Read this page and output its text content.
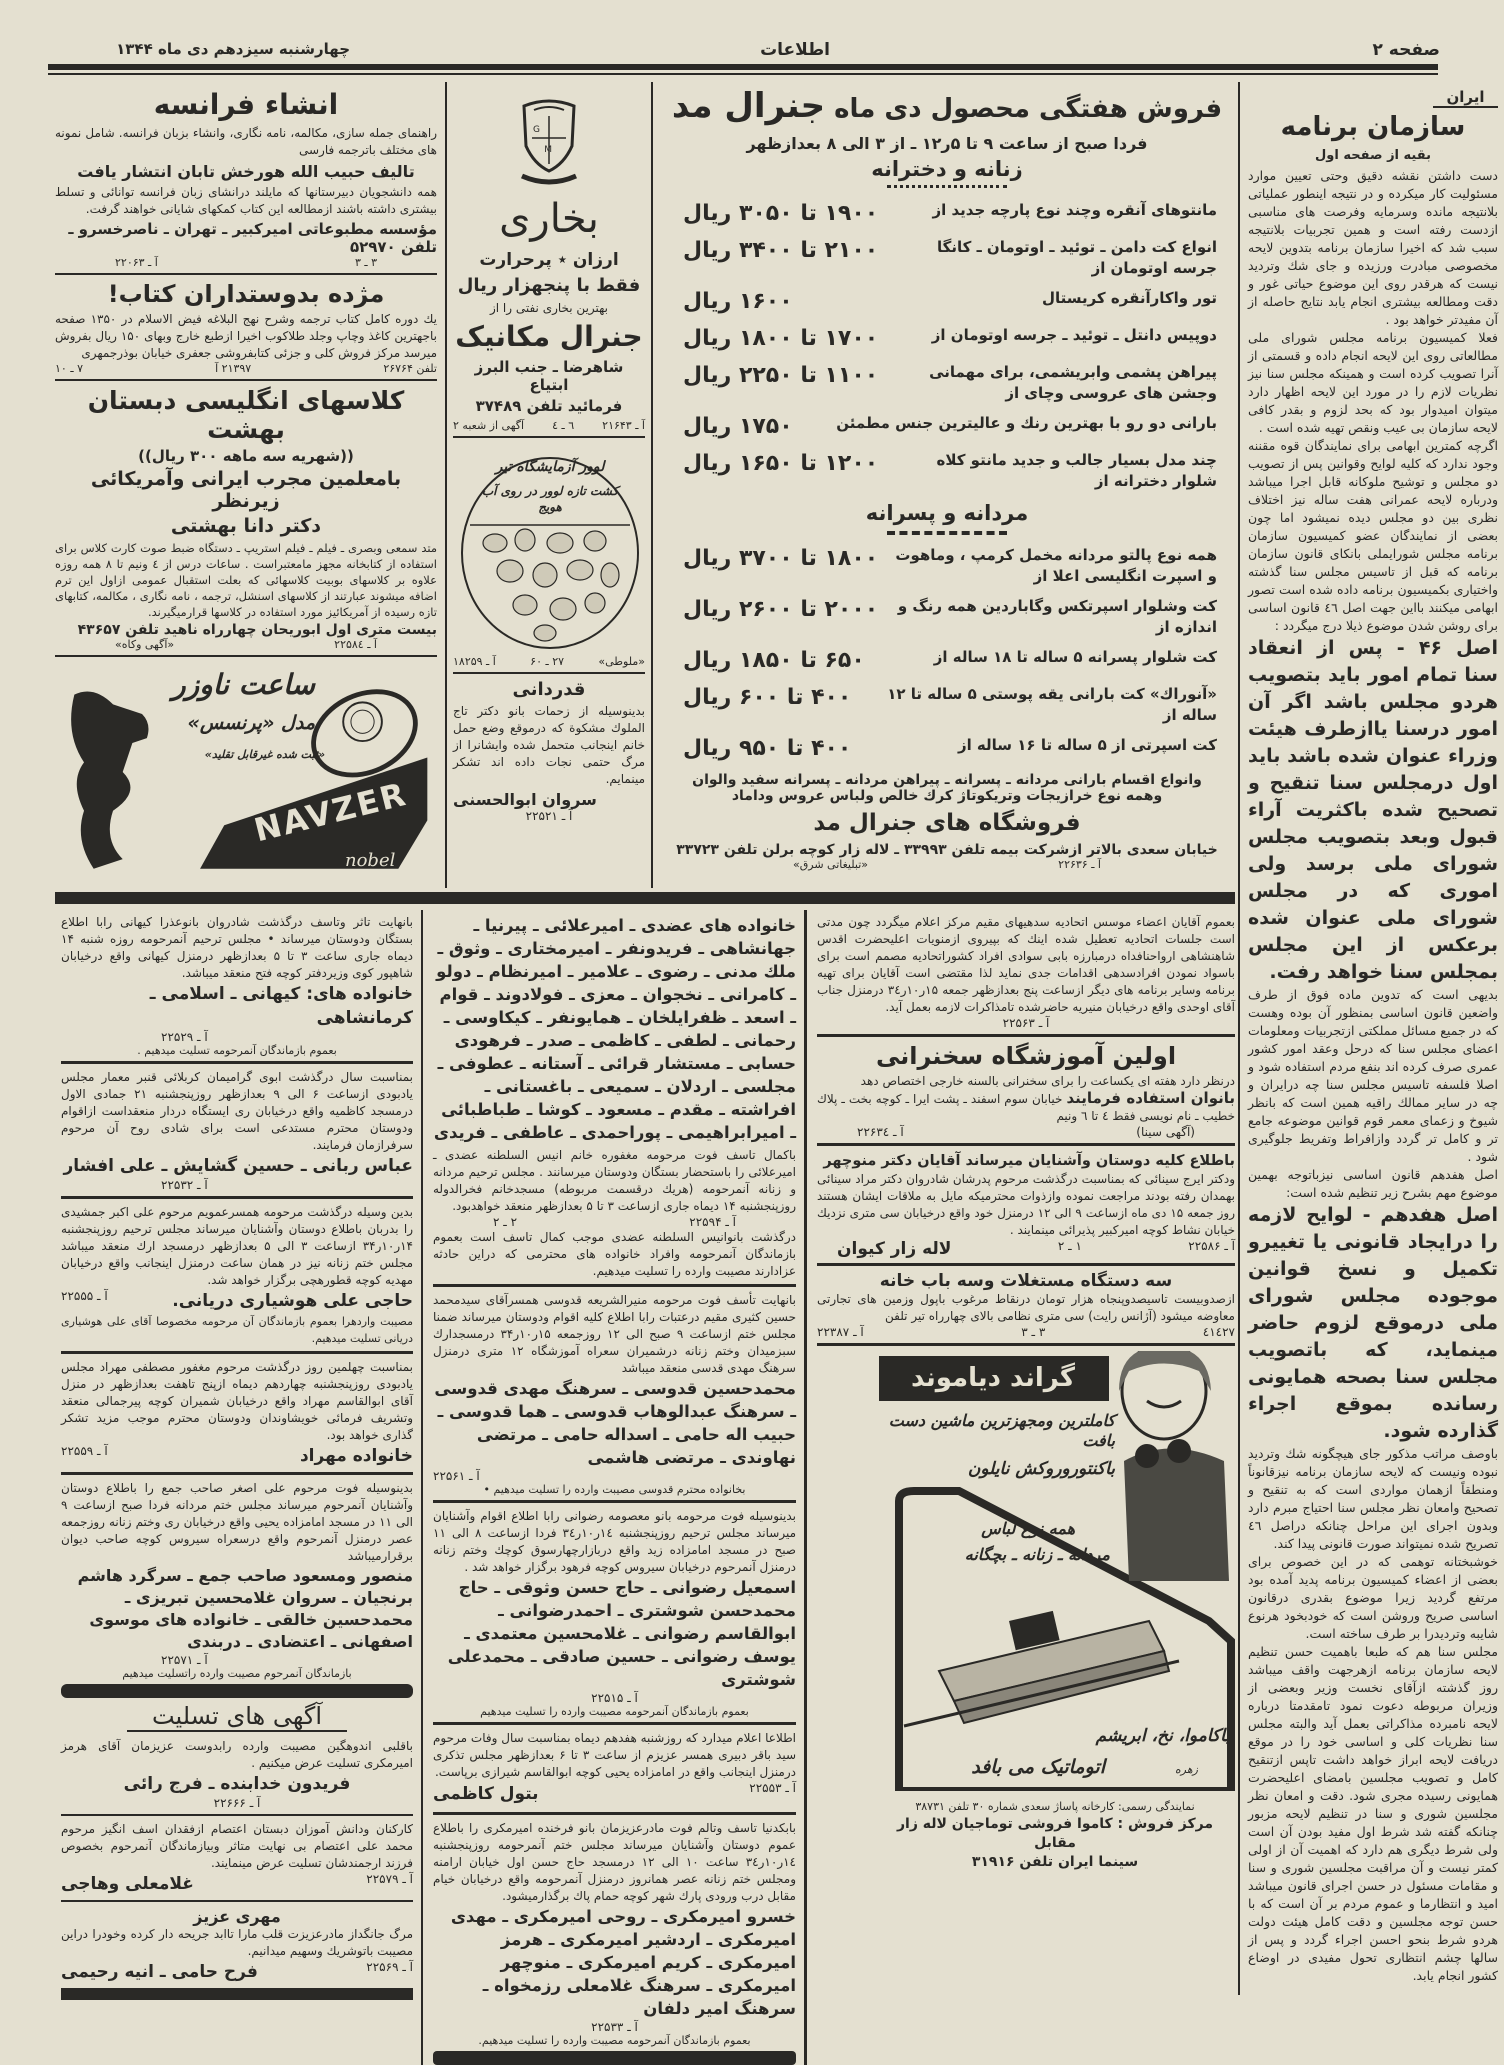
صفحه ۲
اطلاعات
چهارشنبه سیزدهم دی ماه ۱۳۴۴
ایران
سازمان برنامه
بقیه از صفحه اول

دست داشتن نقشه دقیق وحتی تعیین موارد مسئولیت کار میکرده و در نتیجه اینطور عملیاتی بلانتیجه مانده وسرمایه وفرصت های مناسبی ازدست رفته است و همین تجربیات بلانتیجه سبب شد که اخیرا سازمان برنامه بتدوین لایحه مخصوصی مبادرت ورزیده و جای شك وتردید نیست که هرقدر روی این موضوع حیاتی غور و دقت ومطالعه بیشتری انجام یابد نتایج حاصله از آن مفیدتر خواهد بود .

فعلا کمیسیون برنامه مجلس شورای ملی مطالعاتی روی این لایحه انجام داده و قسمتی از آنرا تصویب کرده است و همینکه مجلس سنا نیز نظریات لازم را در مورد این لایحه اظهار دارد میتوان امیدوار بود که بحد لزوم و بقدر کافی لایحه سازمان بی عیب ونقص تهیه شده است .

اگرچه کمترین ابهامی برای نمایندگان قوه مقننه وجود ندارد که کلیه لوایح وقوانین پس از تصویب دو مجلس و توشیح ملوکانه قابل اجرا میباشد ودرباره لایحه عمرانی هفت ساله نیز اختلاف نظری بین دو مجلس دیده نمیشود اما چون بعضی از نمایندگان عضو کمیسیون سازمان برنامه مجلس شورایملی بانکای قانون سازمان برنامه که قبل از تاسیس مجلس سنا گذشته واختیاری بکمیسیون برنامه داده شده است تصور ابهامی میکنند بااین جهت اصل ٤٦ قانون اساسی برای روشن شدن موضوع ذیلا درج میگردد :

اصل ۴۶ - پس از انعقاد سنا تمام امور باید بتصویب هردو مجلس باشد اگر آن امور درسنا یاازطرف هیئت وزراء عنوان شده باشد باید اول درمجلس سنا تنقیح و تصحیح شده باکثریت آراء قبول وبعد بتصویب مجلس شورای ملی برسد ولی اموری که در مجلس شورای ملی عنوان شده برعکس از این مجلس بمجلس سنا خواهد رفت.

بدیهی است که تدوین ماده فوق از طرف واضعین قانون اساسی بمنظور آن بوده وهست که در جمیع مسائل مملکتی ازتجربیات ومعلومات اعضای مجلس سنا که درحل وعقد امور کشور عمری صرف کرده اند بنفع مردم استفاده شود و اصلا فلسفه تاسیس مجلس سنا چه درایران و چه در سایر ممالك راقیه همین است که بانظر شیوخ و زعمای معمر قوم قوانین موضوعه جامع تر و کامل تر گردد وازافراط وتفریط جلوگیری شود .

اصل هفدهم قانون اساسی نیزباتوجه بهمین موضوع مهم بشرح زیر تنظیم شده است:

اصل هفدهم - لوایح لازمه را درایجاد قانونی یا تغییرو تکمیل و نسخ قوانین موجوده مجلس شورای ملی درموقع لزوم حاضر مینماید، که باتصویب مجلس سنا بصحه همایونی رسانده بموقع اجراء گذارده شود.

باوصف مراتب مذکور جای هیچگونه شك وتردید نبوده ونیست که لایحه سازمان برنامه نیزقانوناً ومنطقاً ازهمان مواردی است که به تنقیح و تصحیح وامعان نظر مجلس سنا احتیاج مبرم دارد وبدون اجرای این مراحل چنانکه دراصل ٤٦ تصریح شده نمیتواند صورت قانونی پیدا کند.

خوشبختانه توهمی که در این خصوص برای بعضی از اعضاء کمیسیون برنامه پدید آمده بود مرتفع گردید زیرا موضوع بقدری درقانون اساسی صریح وروشن است که خودبخود هرنوع شایبه وتردیدرا بر طرف ساخته است.

مجلس سنا هم که طبعا باهمیت حسن تنظیم لایحه سازمان برنامه ازهرجهت واقف میباشد روز گذشته ازآقای نخست وزیر وبعضی از وزیران مربوطه دعوت نمود تامقدمتا درباره لایحه نامبرده مذاکراتی بعمل آید والبته مجلس سنا نظریات کلی و اساسی خود را در موقع دریافت لایحه ابراز خواهد داشت تاپس ازتنقیح کامل و تصویب مجلسین بامضای اعلیحضرت همایونی رسیده مجری شود. دقت و امعان نظر مجلسین شوری و سنا در تنظیم لایحه مزبور چنانکه گفته شد شرط اول مفید بودن آن است ولی شرط دیگری هم دارد که اهمیت آن از اولی کمتر نیست و آن مراقبت مجلسین شوری و سنا و مقامات مسئول در حسن اجرای قانون میباشد امید و انتظارما و عموم مردم بر آن است که با حسن توجه مجلسین و دقت کامل هیئت دولت هردو شرط بنحو احسن اجراء گردد و پس از سالها چشم انتظاری تحول مفیدی در اوضاع کشور انجام یابد.

انشاء فرانسه

راهنمای جمله سازی، مکالمه، نامه نگاری، وانشاء بزبان فرانسه. شامل نمونه های مختلف باترجمه فارسی

تالیف حبیب الله هورخش تابان انتشار یافت

همه دانشجویان دبیرستانها که مایلند درانشای زبان فرانسه توانائی و تسلط بیشتری داشته باشند ازمطالعه این کتاب کمکهای شایانی خواهند گرفت.

مؤسسه مطبوعاتی امیرکبیر ـ تهران ـ ناصرخسرو ـ تلفن ۵۲۹۷۰
۳ ـ ۳
آ ـ ۲۲۰۶۳
مژده بدوستداران کتاب!

یك دوره کامل کتاب ترجمه وشرح نهج البلاغه فیض الاسلام در ۱۳۵۰ صفحه باجهترین کاغذ وچاپ وجلد طلاکوب اخیرا ازطبع خارج وبهای ۱۵۰ ریال بفروش میرسد مرکز فروش کلی و جزئی کتابفروشی جعفری خیابان بوذرجمهری

تلفن ۲۶۷۶۴
۲۱۳۹۷ آ
۷ ـ ۱۰
کلاسهای انگلیسی دبستان بهشت
((شهریه سه ماهه ۳۰۰ ریال))
بامعلمین مجرب ایرانی وآمریکائی زیرنظر
دکتر دانا بهشتی

متد سمعی وبصری ـ فیلم ـ فیلم استریپ ـ دستگاه ضبط صوت کارت کلاس برای استفاده از کتابخانه مجهز مامعتبراست . ساعات درس از ٤ ونیم تا ۸ همه روزه علاوه بر کلاسهای بوبیت کلاسهائی که بعلت استقبال عمومی ازاول این ترم اضافه میشوند عبارتند از کلاسهای اسنشل، ترجمه ، نامه نگاری ، مکالمه، کتابهای تازه رسیده از آمریکائیز مورد استفاده در کلاسها قرارمیگیرند.

بیست متری اول ابوریحان چهارراه ناهید تلفن ۴۳۶۵۷
آ ـ ۲۲۵۸٤
«آگهی وکاه»
ساعت ناوزر
مدل «پرنسس»
«ثبت شده غیرقابل تقلید»
NAVZER
nobel
G
M
بخاری
ارزان ٭ پرحرارت
فقط با پنجهزار ریال
بهترین بخاری نفتی را از
جنرال مکانیک
شاهرضا ـ جنب البرز ابتیاع
فرمائید تلفن ۳۷۴۸۹
آ ـ ۲۱۶۴۳
٦ ـ ٤
آگهی از شعبه ۲
لوور آزمایشگاه تیر
کشت تازه لوور در روی آب هویج
«ملوطی»
۲۷ ـ ۶۰
آ ـ ۱۸۲۵۹
قدردانی

بدینوسیله از زحمات بانو دکتر تاج الملوك مشکوة که درموقع وضع حمل خانم اینجانب متحمل شده وایشانرا از مرگ حتمی نجات داده اند تشکر مینمایم.

سروان ابوالحسنی
آ ـ ۲۲۵۲۱
فروش هفتگی محصول دی ماه جنرال مد
فردا صبح از ساعت ۹ تا ۵ر۱۲ ـ از ۳ الی ۸ بعدازظهر
زنانه و دخترانه
مانتوهای آنقره وچند نوع پارچه جدید از
۱۹۰۰ تا ۳۰۵۰ ریال
انواع کت دامن ـ توئید ـ اوتومان ـ کانگا جرسه اوتومان از
۲۱۰۰ تا ۳۴۰۰ ریال
تور واکارآنقره کریستال
۱۶۰۰ ریال
دوپیس دانتل ـ توئید ـ جرسه اوتومان از
۱۷۰۰ تا ۱۸۰۰ ریال
پیراهن پشمی وابریشمی، برای مهمانی وجشن های عروسی وچای از
۱۱۰۰ تا ۲۲۵۰ ریال
بارانی دو رو با بهترین رنك و عالیترین جنس مطمئن
۱۷۵۰ ریال
چند مدل بسیار جالب و جدید مانتو کلاه شلوار دخترانه از
۱۲۰۰ تا ۱۶۵۰ ریال
مردانه و پسرانه
همه نوع پالتو مردانه مخمل کرمپ ، وماهوت و اسپرت انگلیسی اعلا از
۱۸۰۰ تا ۳۷۰۰ ریال
کت وشلوار اسپرتکس وگاباردین همه رنگ و اندازه از
۲۰۰۰ تا ۲۶۰۰ ریال
کت شلوار پسرانه ۵ ساله تا ۱۸ ساله از
۶۵۰ تا ۱۸۵۰ ریال
«آنوراك» کت بارانی یقه پوستی ۵ ساله تا ۱۲ ساله از
۴۰۰ تا ۶۰۰ ریال
کت اسپرتی از ۵ ساله تا ۱۶ ساله از
۴۰۰ تا ۹۵۰ ریال
وانواع اقسام بارانی مردانه ـ پسرانه ـ پیراهن مردانه ـ پسرانه سفید والوان
وهمه نوع خرازیجات وتریکوتاژ کرك خالص ولباس عروس وداماد
فروشگاه های جنرال مد
خیابان سعدی بالاتر ازشرکت بیمه تلفن ۳۳۹۹۳ ـ لاله زار کوچه برلن تلفن ۳۳۷۲۳
آ ـ ۲۲۶۳۶
«تبلیغاتی شرق»

بانهایت تاثر وتاسف درگذشت شادروان بانوعذرا کیهانی رابا اطلاع بستگان ودوستان میرساند • مجلس ترحیم آنمرحومه روزه شنبه ۱۴ دیماه جاری ساعت ۳ تا ۵ بعدازظهر درمنزل کیهانی واقع درخیابان شاهپور کوی وزیردفتر کوچه فتح منعقد میباشد.

خانواده های: کیهانی ـ اسلامی ـ کرمانشاهی
آ ـ ۲۲۵۲۹
بعموم بازماندگان آنمرحومه تسلیت میدهیم .

بمناسبت سال درگذشت ابوی گرامیمان کربلائی قنبر معمار مجلس یادبودی ازساعت ۶ الی ۹ بعدازظهر روزپنجشنبه ۲۱ جمادی الاول درمسجد کاظمیه واقع درخیابان ری ایستگاه دردار منعقداست ازاقوام ودوستان محترم مستدعی است برای شادی روح آن مرحوم سرفرازمان فرمایند.

عباس ربانی ـ حسین گشایش ـ علی افشار
آ ـ ۲۲۵۳۲

بدین وسیله درگذشت مرحومه همسرعمویم مرحوم علی اکبر جمشیدی را بدربان باطلاع دوستان وآشنایان میرساند مجلس ترحیم روزپنجشنبه ۱۴ر۱۰ر۳۴ ازساعت ۳ الی ۵ بعدازظهر درمسجد ارك منعقد میباشد مجلس ختم زنانه نیز در همان ساعت درمنزل اینجانب واقع درخیابان مهدیه کوچه قطورهچی برگزار خواهد شد.

حاجی علی هوشیاری دریانی.
آ ـ ۲۲۵۵۵

مصیبت واردهرا بعموم بازماندگان آن مرحومه مخصوصا آقای علی هوشیاری دریانی تسلیت میدهیم.

بمناسبت چهلمین روز درگذشت مرحوم مغفور مصطفی مهراد مجلس یادبودی روزپنجشنبه چهاردهم دیماه ازپنج تاهفت بعدازظهر در منزل آقای ابوالقاسم مهراد واقع درخیابان شمیران کوچه پیرجمالی منعقد وتشریف فرمائی خویشاوندان ودوستان محترم موجب مزید تشکر گذاری خواهد بود.

خانواده مهراد
آ ـ ۲۲۵۵۹

بدینوسیله فوت مرحوم علی اصغر صاحب جمع را باطلاع دوستان وآشنایان آنمرحوم میرساند مجلس ختم مردانه فردا صبح ازساعت ۹ الی ۱۱ در مسجد امامزاده یحیی واقع درخیابان ری وختم زنانه روزجمعه عصر درمنزل آنمرحوم واقع درسعراه سیروس کوچه صاحب دیوان برقرارمیباشد

منصور ومسعود صاحب جمع ـ سرگرد هاشم برنجیان ـ سروان غلامحسین تبریزی ـ محمدحسین خالقی ـ خانواده های موسوی اصفهانی ـ اعتضادی ـ دربندی
آ ـ ۲۲۵۷۱
بازماندگان آنمرحوم مصیبت وارده راتسلیت میدهیم
آگهی های تسلیت

باقلبی اندوهگین مصیبت وارده رابدوست عزیزمان آقای هرمز امیرمکری تسلیت عرض میکنیم .

فریدون خدابنده ـ فرج رائی
آ ـ ۲۲۶۶۶

کارکنان ودانش آموزان دبستان اعتصام ازفقدان اسف انگیز مرحوم محمد علی اعتصام بی نهایت متاثر وبیازماندگان آنمرحوم بخصوص فرزند ارجمندشان تسلیت عرض مینمایند.

آ ـ ۲۲۵۷۹
غلامعلی وهاجی
مهری عزیز

مرگ جانگداز مادرعزیزت قلب مارا تاابد جریحه دار کرده وخودرا دراین مصیبت باتوشریك وسهیم میدانیم.

آ ـ ۲۲۵۶۹
فرح حامی ـ انیه رحیمی
خانواده های عضدی ـ امیرعلائی ـ پیرنیا ـ جهانشاهی ـ فریدونفر ـ امیرمختاری ـ وثوق ـ ملك مدنی ـ رضوی ـ علامیر ـ امیرنظام ـ دولو ـ کامرانی ـ نخجوان ـ معزی ـ فولادوند ـ قوام ـ اسعد ـ ظفرایلخان ـ همایونفر ـ کیکاوسی ـ رحمانی ـ لطفی ـ کاظمی ـ صدر ـ فرهودی حسابی ـ مستشار قرائی ـ آستانه ـ عطوفی ـ مجلسی ـ اردلان ـ سمیعی ـ باغستانی ـ افراشته ـ مقدم ـ مسعود ـ کوشا ـ طباطبائی ـ امیرابراهیمی ـ پوراحمدی ـ عاطفی ـ فریدی

باکمال تاسف فوت مرحومه مغفوره خانم انیس السلطنه عضدی ـ امیرعلائی را باستحضار بستگان ودوستان میرسانند . مجلس ترحیم مردانه و زنانه آنمرحومه (هریك درقسمت مربوطه) مسجدخانم فخرالدوله روزپنجشنبه ۱۴ دیماه جاری ازساعت ۳ تا ۵ بعدازظهر منعقد خواهدبود.

آ ـ ۲۲۵۹۴
۲ ـ ۲

درگذشت بانوانیس السلطنه عضدی موجب کمال تاسف است بعموم بازماندگان آنمرحومه وافراد خانواده های محترمی که دراین حادثه عزادارند مصیبت وارده را تسلیت میدهیم.

بانهایت تأسف فوت مرحومه منیرالشریعه قدوسی همسرآقای سیدمحمد حسین کثیری مقیم درعتبات رابا اطلاع کلیه اقوام ودوستان میرساند ضمنا مجلس ختم ازساعت ۹ صبح الی ۱۲ روزجمعه ۱۵ر۱۰ر۳۴ درمسجدارك سبزمیدان وختم زنانه درشمیران سعراه آموزشگاه ۱۲ متری درمنزل سرهنگ مهدی قدسی منعقد میباشد

محمدحسین قدوسی ـ سرهنگ مهدی قدوسی ـ سرهنگ عبدالوهاب قدوسی ـ هما قدوسی ـ حبیب اله حامی ـ اسداله حامی ـ مرتضی نهاوندی ـ مرتضی هاشمی
آ ـ ۲۲۵۶۱
بخانواده محترم قدوسی مصیبت وارده را تسلیت میدهیم •

بدینوسیله فوت مرحومه بانو معصومه رضوانی رابا اطلاع اقوام وآشنایان میرساند مجلس ترحیم روزپنجشنبه ۱٤ر۱۰ر۳٤ فردا ازساعت ۸ الی ۱۱ صبح در مسجد امامزاده زید واقع دربازارچهارسوق کوچك وختم زنانه درمنزل آنمرحوم درخیابان سیروس کوچه فرهود برگزار خواهد شد .

اسمعیل رضوانی ـ حاج حسن وثوقی ـ حاج محمدحسن شوشتری ـ احمدرضوانی ـ ابوالقاسم رضوانی ـ غلامحسین معتمدی ـ یوسف رضوانی ـ حسین صادقی ـ محمدعلی شوشتری
آ ـ ۲۲۵۱۵
بعموم بازماندگان آنمرحومه مصیبت وارده را تسلیت میدهیم

اطلاعا اعلام میدارد که روزشنبه هفدهم دیماه بمناسبت سال وفات مرحوم سید باقر دبیری همسر عزیزم از ساعت ۳ تا ۶ بعدازظهر مجلس تذکری درمنزل اینجانب واقع در امامزاده یحیی کوچه ابوالقاسم شیرازی برپاست.

آ ـ ۲۲۵۵۳
بتول کاظمی

بابکدنیا تاسف وتالم فوت مادرعزیزمان بانو فرخنده امیرمکری را باطلاع عموم دوستان وآشنایان میرساند مجلس ختم آنمرحومه روزپنجشنبه ۱٤ر۱۰ر۳٤ ساعت ۱۰ الی ۱۲ درمسجد حاج حسن اول خیابان ارامنه ومجلس ختم زنانه عصر همانروز درمنزل آنمرحومه واقع درخیابان خیام مقابل درب ورودی پارك شهر کوچه حمام پاك برگذارمیشود.

خسرو امیرمکری ـ روحی امیرمکری ـ مهدی امیرمکری ـ اردشیر امیرمکری ـ هرمز امیرمکری ـ کریم امیرمکری ـ منوچهر امیرمکری ـ سرهنگ غلامعلی رزمخواه ـ سرهنگ امیر دلفان
آ ـ ۲۲۵۳۳
بعموم بازماندگان آنمرحومه مصیبت وارده را تسلیت میدهیم.

بعموم آقایان اعضاء موسس اتحادیه سدهیهای مقیم مرکز اعلام میگردد چون مدتی است جلسات اتحادیه تعطیل شده اینك که بپیروی ازمنویات اعلیحضرت اقدس شاهنشاهی ارواحنافداه درمبارزه بابی سوادی افراد کشوراتحادیه مصمم است برای باسواد نمودن افرادسدهی اقدامات جدی نماید لذا مقتضی است آقایان برای تهیه برنامه وسایر برنامه های دیگر ازساعت پنج بعدازظهر جمعه ۱۵ر۱۰ر۳٤ درمنزل جناب آقای اوحدی واقع درخیابان منیریه حاضرشده تامذاکرات لازمه بعمل آید.

آ ـ ۲۲۵۶۳
اولین آموزشگاه سخنرانی

درنظر دارد هفته ای یکساعت را برای سخنرانی بالسنه خارجی اختصاص دهد

بانوان استفاده فرمایند خیابان سوم اسفند ـ پشت ایرا ـ کوچه بخت ـ پلاك خطیب ـ نام نویسی فقط ٤ تا ٦ ونیم

(آگهی سینا)
آ ـ ۲۲۶۳٤
باطلاع کلیه دوستان وآشنایان میرساند آقایان دکتر منوچهر

ودکتر ایرج سینائی که بمناسبت درگذشت مرحوم پدرشان شادروان دکتر مراد سینائی بهمدان رفته بودند مراجعت نموده وازذوات محترمیکه مایل به ملاقات ایشان هستند روز جمعه ۱۵ دی ماه ازساعت ۹ الی ۱۲ درمنزل خود واقع درخیابان سی متری نزدیك خیابان نشاط کوچه امیرکبیر پذیرائی مینمایند .

آ ـ ۲۲۵۸۶
۱ ـ ۲
لاله زار کیوان
سه دستگاه مستغلات وسه باب خانه

ازصدوبیست تاسیصدوپنجاه هزار تومان درنقاط مرغوب باپول وزمین های تجارتی معاوضه میشود (آژانس رایت) سی متری نظامی بالای چهارراه تیر تلفن

٤١٤٢٧
۳ ـ ۳
آ ـ ۲۲۳۸۷
گراند دیاموند
کاملترین ومجهزترین ماشین دست بافت
باکنتوروروکش نایلون
همه نوع لباس
مردانه ـ زنانه ـ بچگانه
باکاموا، نخ، ابریشم
اتوماتیک می بافد	زهره
نمایندگی رسمی: کارخانه پاساژ سعدی شماره ۳۰ تلفن ۳۸۷۳۱
مرکز فروش : کاموا فروشی توماجیان لاله زار مقابل
سینما ایران تلفن ۳۱۹۱۶
